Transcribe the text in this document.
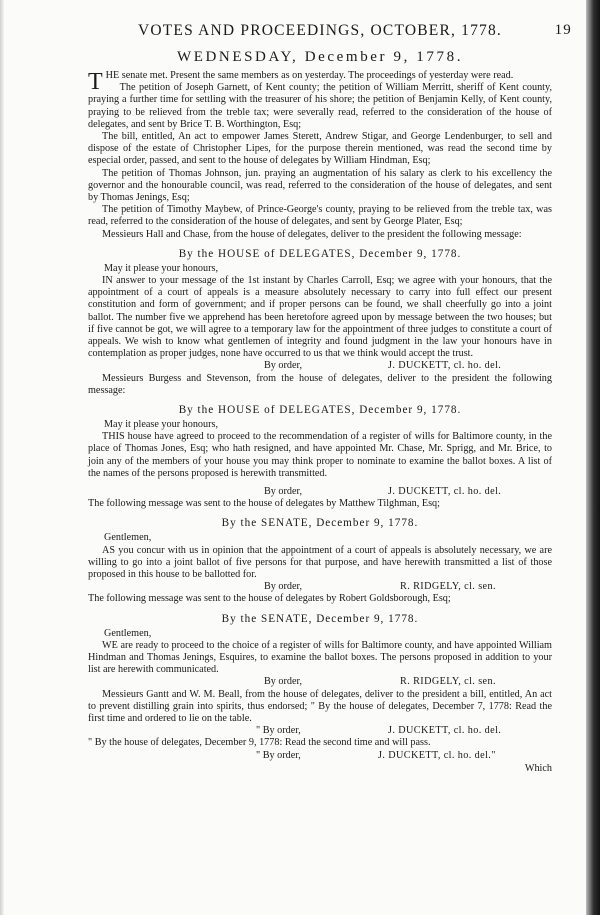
VOTES AND PROCEEDINGS, OCTOBER, 1778.	19
WEDNESDAY, December 9, 1778.

THE senate met. Present the same members as on yesterday. The proceedings of yesterday were read.

The petition of Joseph Garnett, of Kent county; the petition of William Merritt, sheriff of Kent county, praying a further time for settling with the treasurer of his shore; the petition of Benjamin Kelly, of Kent county, praying to be relieved from the treble tax; were severally read, referred to the consideration of the house of delegates, and sent by Brice T. B. Worthington, Esq;

The bill, entitled, An act to empower James Sterett, Andrew Stigar, and George Lendenburger, to sell and dispose of the estate of Christopher Lipes, for the purpose therein mentioned, was read the second time by especial order, passed, and sent to the house of delegates by William Hindman, Esq;

The petition of Thomas Johnson, jun. praying an augmentation of his salary as clerk to his excellency the governor and the honourable council, was read, referred to the consideration of the house of delegates, and sent by Thomas Jenings, Esq;

The petition of Timothy Maybew, of Prince-George's county, praying to be relieved from the treble tax, was read, referred to the consideration of the house of delegates, and sent by George Plater, Esq;

Messieurs Hall and Chase, from the house of delegates, deliver to the president the following message:

By the HOUSE of DELEGATES, December 9, 1778.
May it please your honours,

IN answer to your message of the 1st instant by Charles Carroll, Esq; we agree with your honours, that the appointment of a court of appeals is a measure absolutely necessary to carry into full effect our present constitution and form of government; and if proper persons can be found, we shall cheerfully go into a joint ballot. The number five we apprehend has been heretofore agreed upon by message between the two houses; but if five cannot be got, we will agree to a temporary law for the appointment of three judges to constitute a court of appeals. We wish to know what gentlemen of integrity and found judgment in the law your honours have in contemplation as proper judges, none have occurred to us that we think would accept the trust.

By order,	J. DUCKETT, cl. ho. del.

Messieurs Burgess and Stevenson, from the house of delegates, deliver to the president the following message:

By the HOUSE of DELEGATES, December 9, 1778.
May it please your honours,

THIS house have agreed to proceed to the recommendation of a register of wills for Baltimore county, in the place of Thomas Jones, Esq; who hath resigned, and have appointed Mr. Chase, Mr. Sprigg, and Mr. Brice, to join any of the members of your house you may think proper to nominate to examine the ballot boxes. A list of the names of the persons proposed is herewith transmitted.

By order,	J. DUCKETT, cl. ho. del.

The following message was sent to the house of delegates by Matthew Tilghman, Esq;

By the SENATE, December 9, 1778.
Gentlemen,

AS you concur with us in opinion that the appointment of a court of appeals is absolutely necessary, we are willing to go into a joint ballot of five persons for that purpose, and have herewith transmitted a list of those proposed in this house to be ballotted for.

By order,	R. RIDGELY, cl. sen.

The following message was sent to the house of delegates by Robert Goldsborough, Esq;

By the SENATE, December 9, 1778.
Gentlemen,

WE are ready to proceed to the choice of a register of wills for Baltimore county, and have appointed William Hindman and Thomas Jenings, Esquires, to examine the ballot boxes. The persons proposed in addition to your list are herewith communicated.

By order,	R. RIDGELY, cl. sen.

Messieurs Gantt and W. M. Beall, from the house of delegates, deliver to the president a bill, entitled, An act to prevent distilling grain into spirits, thus endorsed; " By the house of delegates, December 7, 1778: Read the first time and ordered to lie on the table.

" By order,	J. DUCKETT, cl. ho. del.

" By the house of delegates, December 9, 1778: Read the second time and will pass.

" By order,	J. DUCKETT, cl. ho. del."
Which
